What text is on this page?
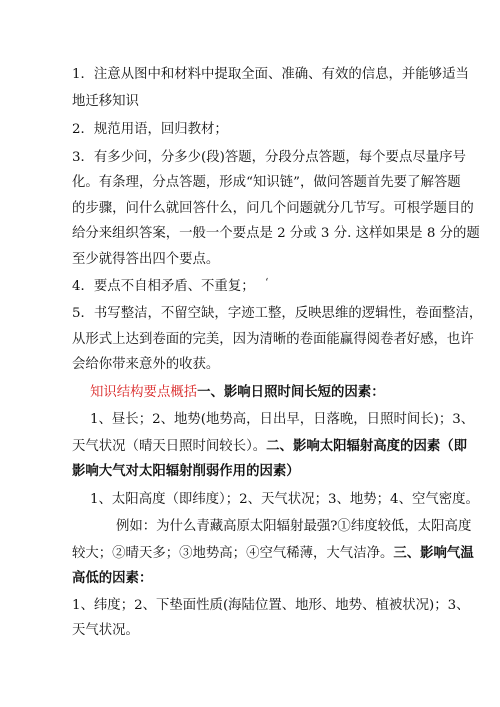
1．注意从图中和材料中提取全面、准确、有效的信息，并能够适当
地迁移知识
2．规范用语，回归教材；
3．有多少问，分多少(段)答题，分段分点答题，每个要点尽量序号
化。有条理，分点答题，形成“知识链”，做问答题首先要了解答题
的步骤，问什么就回答什么，问几个问题就分几节写。可根学题目的
给分来组织答案，一般一个要点是 2 分或 3 分. 这样如果是 8 分的题
至少就得答出四个要点。
4．要点不自相矛盾、不重复； ‘
5．书写整洁，不留空缺，字迹工整，反映思维的逻辑性，卷面整洁，
从形式上达到卷面的完美，因为清晰的卷面能赢得阅卷者好感，也许
会给你带来意外的收获。
知识结构要点概括一、影响日照时间长短的因素：
1、昼长；2、地势(地势高，日出早，日落晚，日照时间长)；3、
天气状况（晴天日照时间较长）。二、影响太阳辐射高度的因素（即
影响大气对太阳辐射削弱作用的因素）
1、太阳高度（即纬度）；2、天气状况；3、地势；4、空气密度。
例如：为什么青藏高原太阳辐射最强?①纬度较低，太阳高度
较大；②晴天多；③地势高；④空气稀薄，大气洁净。三、影响气温
高低的因素：
1、纬度；2、下垫面性质(海陆位置、地形、地势、植被状况)；3、
天气状况。
